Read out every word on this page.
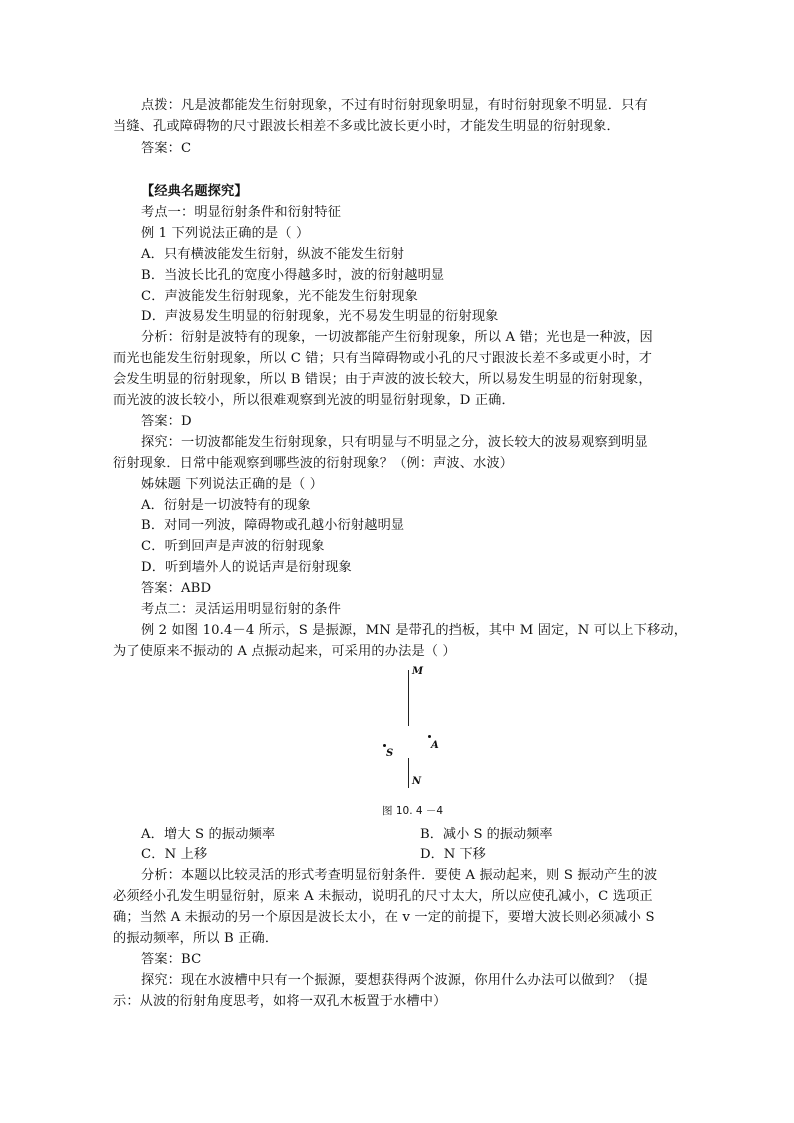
点拨：凡是波都能发生衍射现象，不过有时衍射现象明显，有时衍射现象不明显．只有
当缝、孔或障碍物的尺寸跟波长相差不多或比波长更小时，才能发生明显的衍射现象．
答案：C
【经典名题探究】
考点一：明显衍射条件和衍射特征
例 1 下列说法正确的是（ ）
A．只有横波能发生衍射，纵波不能发生衍射
B．当波长比孔的宽度小得越多时，波的衍射越明显
C．声波能发生衍射现象，光不能发生衍射现象
D．声波易发生明显的衍射现象，光不易发生明显的衍射现象
分析：衍射是波特有的现象，一切波都能产生衍射现象，所以 A 错；光也是一种波，因
而光也能发生衍射现象，所以 C 错；只有当障碍物或小孔的尺寸跟波长差不多或更小时，才
会发生明显的衍射现象，所以 B 错误；由于声波的波长较大，所以易发生明显的衍射现象，
而光波的波长较小，所以很难观察到光波的明显衍射现象，D 正确．
答案：D
探究：一切波都能发生衍射现象，只有明显与不明显之分，波长较大的波易观察到明显
衍射现象．日常中能观察到哪些波的衍射现象？（例：声波、水波）
姊妹题 下列说法正确的是（ ）
A．衍射是一切波特有的现象
B．对同一列波，障碍物或孔越小衍射越明显
C．听到回声是声波的衍射现象
D．听到墙外人的说话声是衍射现象
答案：ABD
考点二：灵活运用明显衍射的条件
例 2 如图 10.4－4 所示，S 是振源，MN 是带孔的挡板，其中 M 固定，N 可以上下移动，
为了使原来不振动的 A 点振动起来，可采用的办法是（ ）
M
N
S
A
图 10. 4 －4
A．增大 S 的振动频率	B．减小 S 的振动频率
C．N 上移	D．N 下移
分析：本题以比较灵活的形式考查明显衍射条件．要使 A 振动起来，则 S 振动产生的波
必须经小孔发生明显衍射，原来 A 未振动，说明孔的尺寸太大，所以应使孔减小，C 选项正
确；当然 A 未振动的另一个原因是波长太小，在 v 一定的前提下，要增大波长则必须减小 S
的振动频率，所以 B 正确．
答案：BC
探究：现在水波槽中只有一个振源，要想获得两个波源，你用什么办法可以做到？（提
示：从波的衍射角度思考，如将一双孔木板置于水槽中）
